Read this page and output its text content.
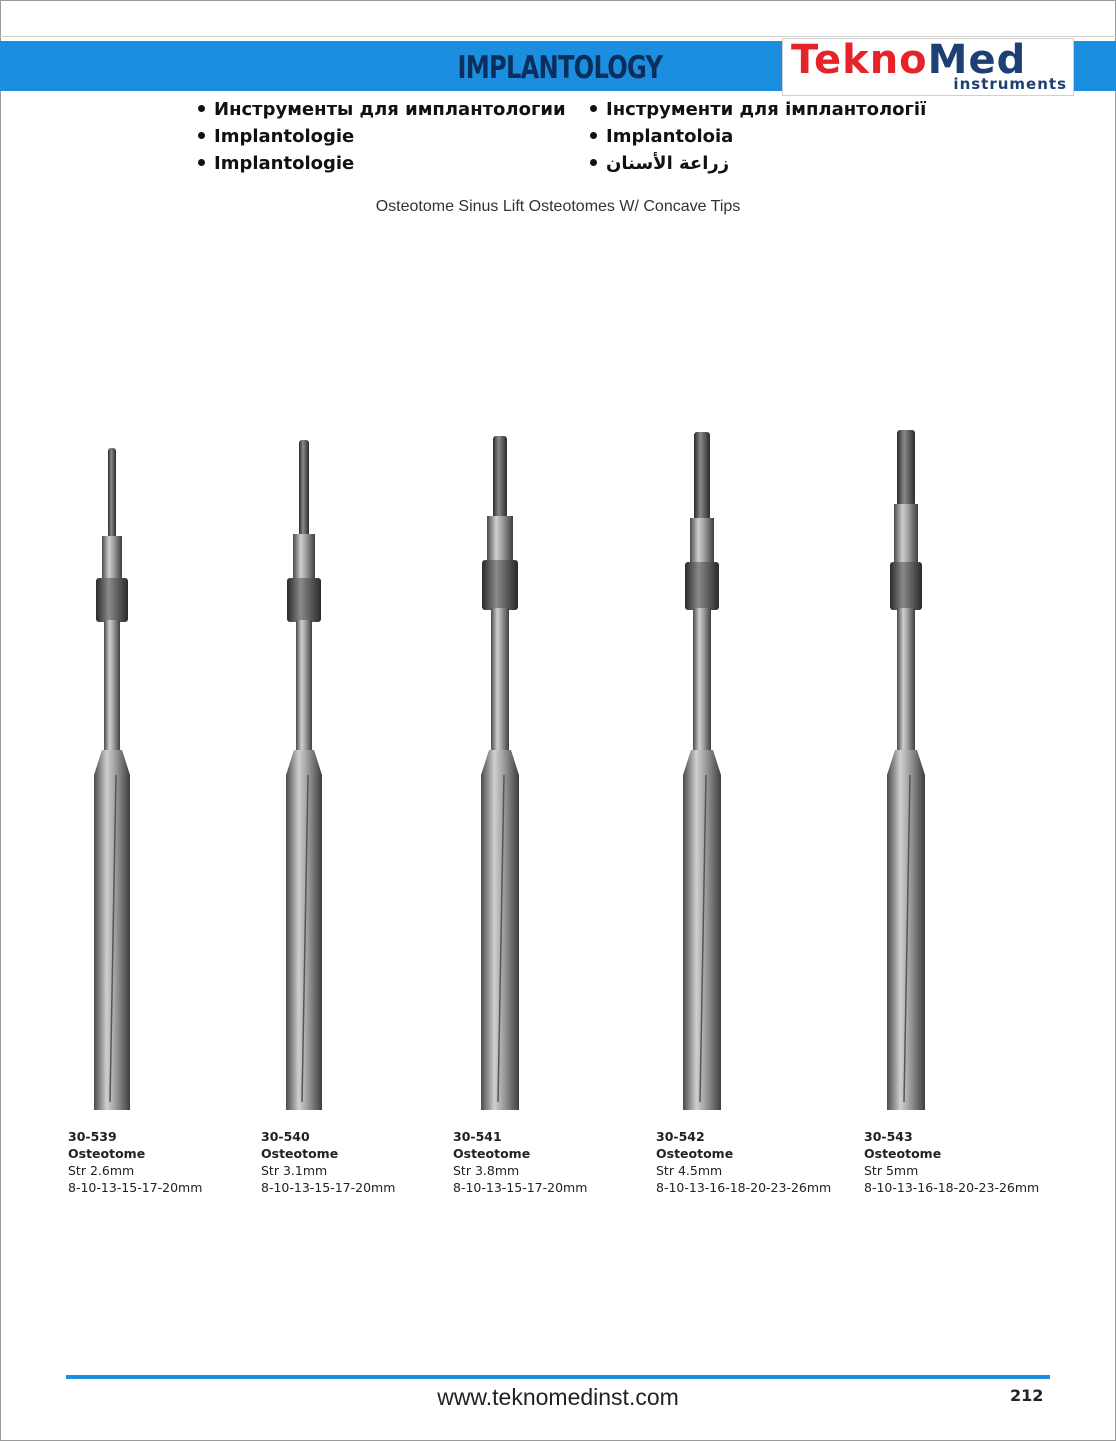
IMPLANTOLOGY	TeknoMed
instruments
Инструменты для имплантологии
Implantologie
Implantologie
Інструменти для імплантології
Implantoloia
زراعة الأسنان
Osteotome Sinus Lift Osteotomes W/ Concave Tips
30-539
Osteotome
Str 2.6mm
8-10-13-15-17-20mm
30-540
Osteotome
Str 3.1mm
8-10-13-15-17-20mm
30-541
Osteotome
Str 3.8mm
8-10-13-15-17-20mm
30-542
Osteotome
Str 4.5mm
8-10-13-16-18-20-23-26mm
30-543
Osteotome
Str 5mm
8-10-13-16-18-20-23-26mm
www.teknomedinst.com	212
